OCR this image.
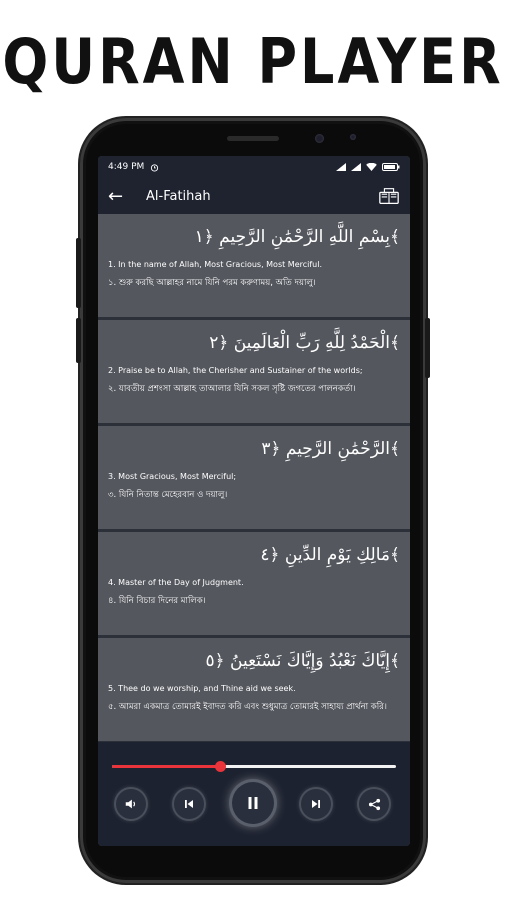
QURAN PLAYER
4:49 PM
←	Al-Fatihah
بِسْمِ اللَّهِ الرَّحْمَٰنِ الرَّحِيمِ ﴿١﴾
1. In the name of Allah, Most Gracious, Most Merciful.
১. শুরু করছি আল্লাহর নামে যিনি পরম করুণাময়, অতি দয়ালু।
الْحَمْدُ لِلَّهِ رَبِّ الْعَالَمِينَ ﴿٢﴾
2. Praise be to Allah, the Cherisher and Sustainer of the worlds;
২. যাবতীয় প্রশংসা আল্লাহ তাআলার যিনি সকল সৃষ্টি জগতের পালনকর্তা।
الرَّحْمَٰنِ الرَّحِيمِ ﴿٣﴾
3. Most Gracious, Most Merciful;
৩. যিনি নিতান্ত মেহেরবান ও দয়ালু।
مَالِكِ يَوْمِ الدِّينِ ﴿٤﴾
4. Master of the Day of Judgment.
৪. যিনি বিচার দিনের মালিক।
إِيَّاكَ نَعْبُدُ وَإِيَّاكَ نَسْتَعِينُ ﴿٥﴾
5. Thee do we worship, and Thine aid we seek.
৫. আমরা একমাত্র তোমারই ইবাদত করি এবং শুধুমাত্র তোমারই সাহায্য প্রার্থনা করি।
